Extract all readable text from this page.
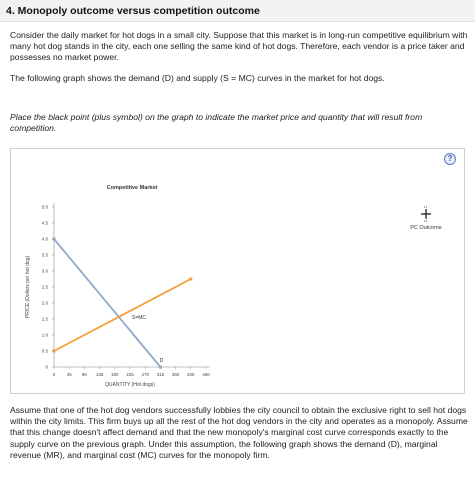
4. Monopoly outcome versus competition outcome

Consider the daily market for hot dogs in a small city. Suppose that this market is in long-run competitive equilibrium with many hot dog stands in the city, each one selling the same kind of hot dogs. Therefore, each vendor is a price taker and possesses no market power.

The following graph shows the demand (D) and supply (S = MC) curves in the market for hot dogs.

Place the black point (plus symbol) on the graph to indicate the market price and quantity that will result from competition.

?
Competitive Market
PRICE (Dollars per hot dog)
QUANTITY (Hot dogs)
D
S=MC
0
0.5
1.0
1.5
2.0
2.5
3.0
3.5
4.0
4.5
5.0
0	45 90 135 180 225 270 315 360 405 450
PC Outcome

Assume that one of the hot dog vendors successfully lobbies the city council to obtain the exclusive right to sell hot dogs within the city limits. This firm buys up all the rest of the hot dog vendors in the city and operates as a monopoly. Assume that this change doesn't affect demand and that the new monopoly's marginal cost curve corresponds exactly to the supply curve on the previous graph. Under this assumption, the following graph shows the demand (D), marginal revenue (MR), and marginal cost (MC) curves for the monopoly firm.
